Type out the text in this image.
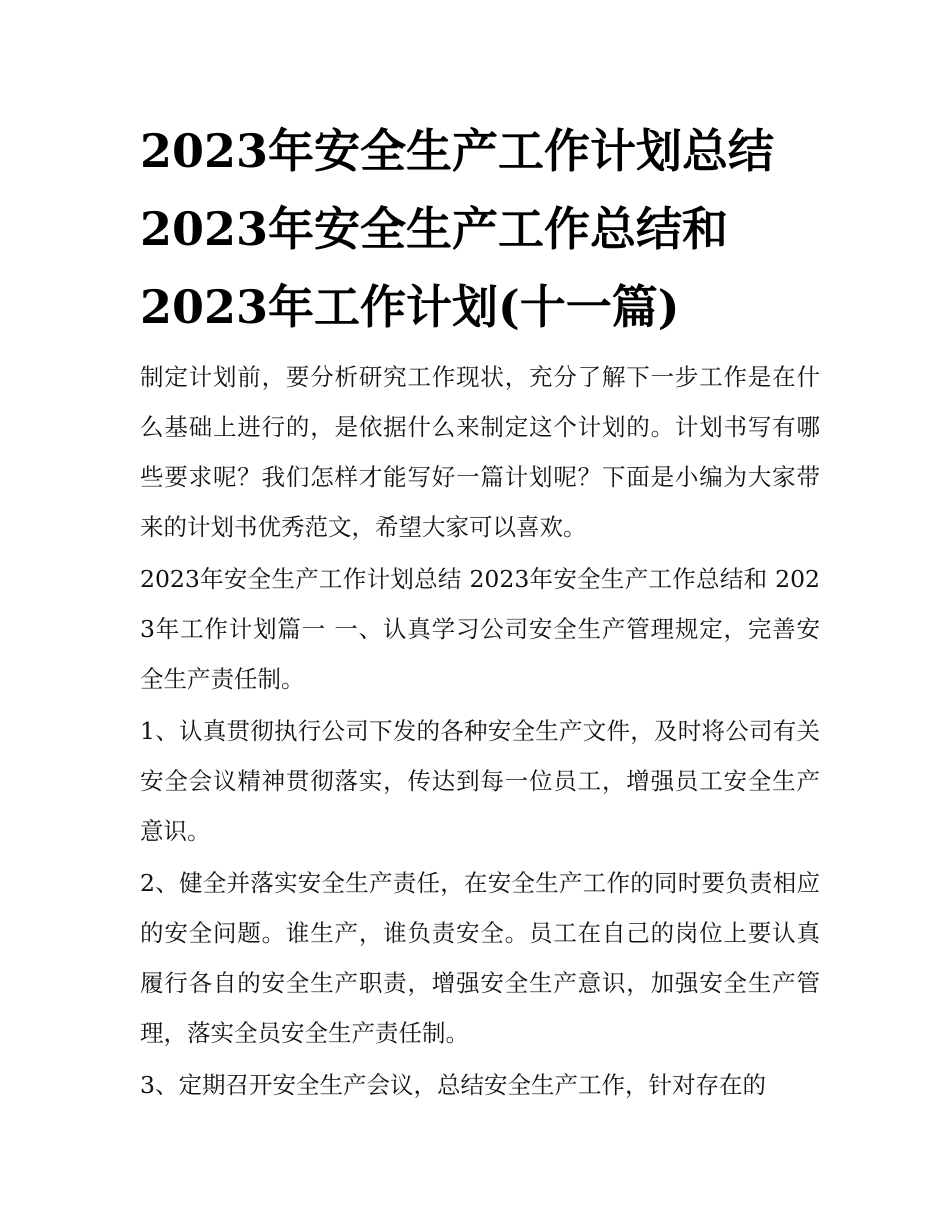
2023年安全生产工作计划总结
2023年安全生产工作总结和
2023年工作计划(十一篇)

制定计划前，要分析研究工作现状，充分了解下一步工作是在什么基础上进行的，是依据什么来制定这个计划的。计划书写有哪些要求呢？我们怎样才能写好一篇计划呢？下面是小编为大家带来的计划书优秀范文，希望大家可以喜欢。

2023年安全生产工作计划总结 2023年安全生产工作总结和 2023年工作计划篇一 一、认真学习公司安全生产管理规定，完善安全生产责任制。

1、认真贯彻执行公司下发的各种安全生产文件，及时将公司有关安全会议精神贯彻落实，传达到每一位员工，增强员工安全生产意识。

2、健全并落实安全生产责任，在安全生产工作的同时要负责相应的安全问题。谁生产，谁负责安全。员工在自己的岗位上要认真履行各自的安全生产职责，增强安全生产意识，加强安全生产管理，落实全员安全生产责任制。

3、定期召开安全生产会议，总结安全生产工作，针对存在的
